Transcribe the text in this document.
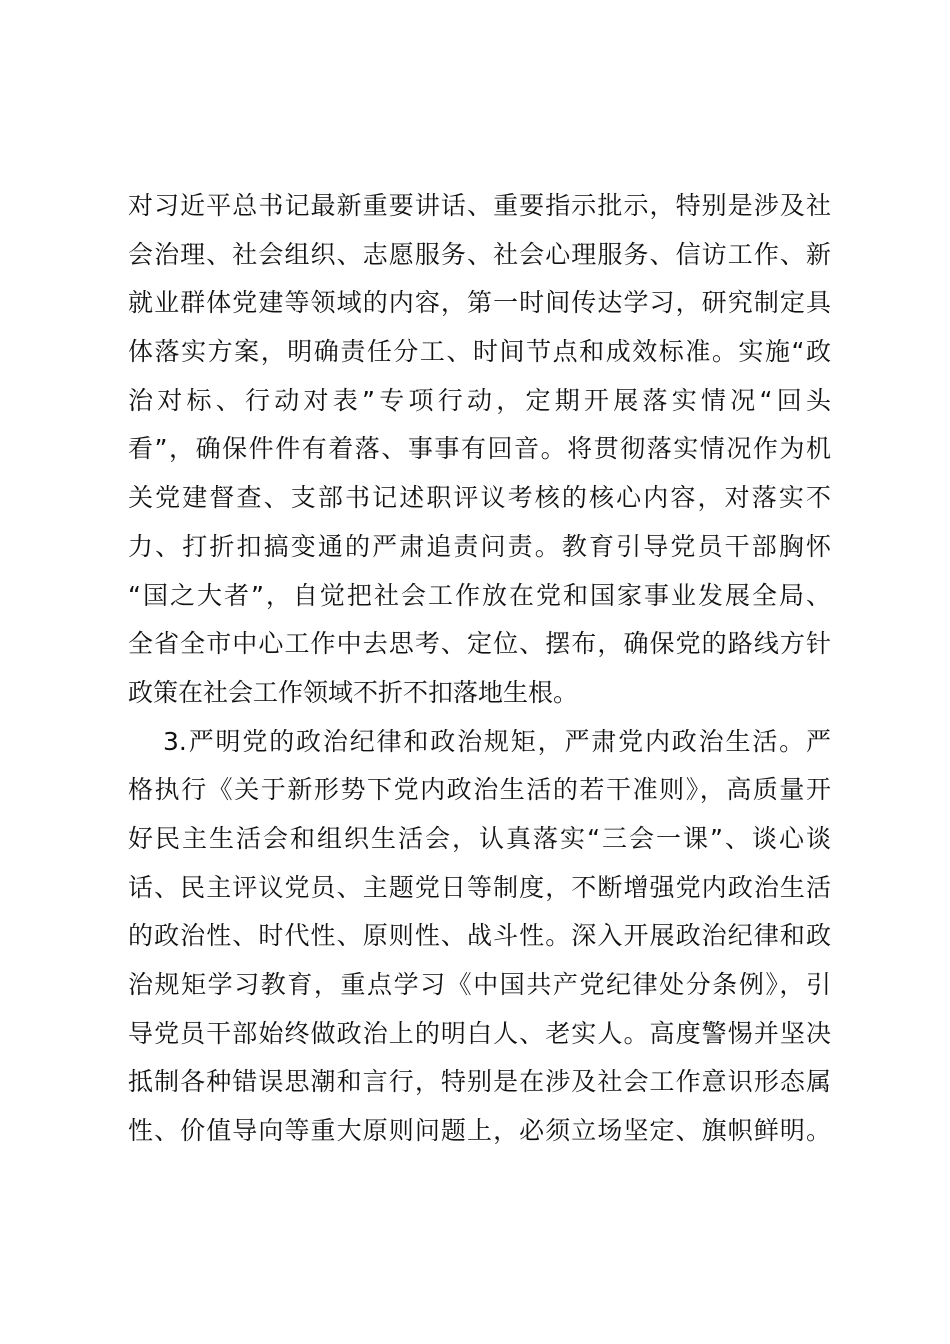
对习近平总书记最新重要讲话、重要指示批示，特别是涉及社
会治理、社会组织、志愿服务、社会心理服务、信访工作、新
就业群体党建等领域的内容，第一时间传达学习，研究制定具
体落实方案，明确责任分工、时间节点和成效标准。实施“政
治对标、行动对表”专项行动，定期开展落实情况“回头
看”，确保件件有着落、事事有回音。将贯彻落实情况作为机
关党建督查、支部书记述职评议考核的核心内容，对落实不
力、打折扣搞变通的严肃追责问责。教育引导党员干部胸怀
“国之大者”，自觉把社会工作放在党和国家事业发展全局、
全省全市中心工作中去思考、定位、摆布，确保党的路线方针
政策在社会工作领域不折不扣落地生根。
3.严明党的政治纪律和政治规矩，严肃党内政治生活。严
格执行《关于新形势下党内政治生活的若干准则》，高质量开
好民主生活会和组织生活会，认真落实“三会一课”、谈心谈
话、民主评议党员、主题党日等制度，不断增强党内政治生活
的政治性、时代性、原则性、战斗性。深入开展政治纪律和政
治规矩学习教育，重点学习《中国共产党纪律处分条例》，引
导党员干部始终做政治上的明白人、老实人。高度警惕并坚决
抵制各种错误思潮和言行，特别是在涉及社会工作意识形态属
性、价值导向等重大原则问题上，必须立场坚定、旗帜鲜明。
